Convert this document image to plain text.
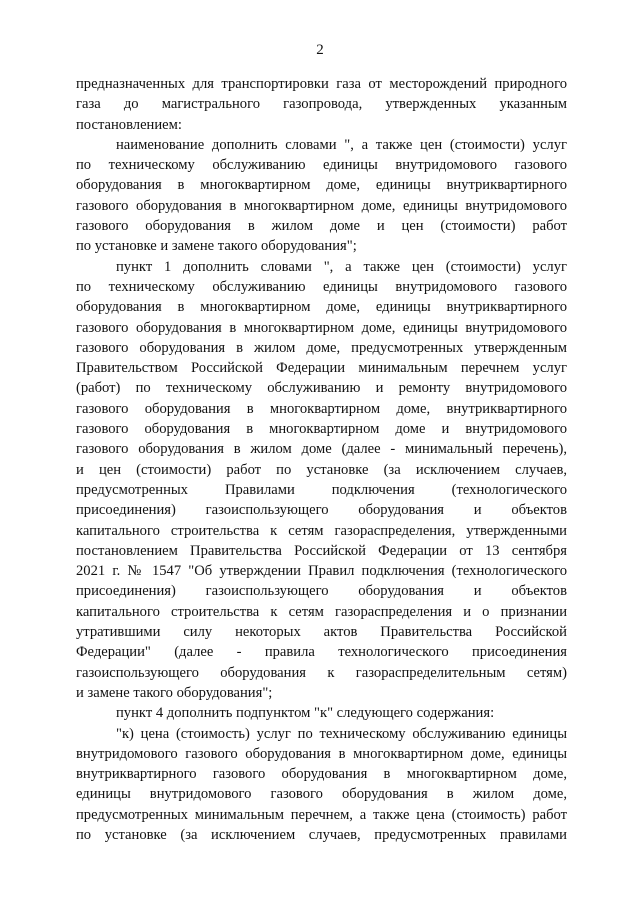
2
предназначенных для транспортировки газа от месторождений природного
газа до магистрального газопровода, утвержденных указанным
постановлением:
наименование дополнить словами ", а также цен (стоимости) услуг
по техническому обслуживанию единицы внутридомового газового
оборудования в многоквартирном доме, единицы внутриквартирного
газового оборудования в многоквартирном доме, единицы внутридомового
газового оборудования в жилом доме и цен (стоимости) работ
по установке и замене такого оборудования";
пункт 1 дополнить словами ", а также цен (стоимости) услуг
по техническому обслуживанию единицы внутридомового газового
оборудования в многоквартирном доме, единицы внутриквартирного
газового оборудования в многоквартирном доме, единицы внутридомового
газового оборудования в жилом доме, предусмотренных утвержденным
Правительством Российской Федерации минимальным перечнем услуг
(работ) по техническому обслуживанию и ремонту внутридомового
газового оборудования в многоквартирном доме, внутриквартирного
газового оборудования в многоквартирном доме и внутридомового
газового оборудования в жилом доме (далее - минимальный перечень),
и цен (стоимости) работ по установке (за исключением случаев,
предусмотренных Правилами подключения (технологического
присоединения) газоиспользующего оборудования и объектов
капитального строительства к сетям газораспределения, утвержденными
постановлением Правительства Российской Федерации от 13 сентября
2021 г. № 1547 "Об утверждении Правил подключения (технологического
присоединения) газоиспользующего оборудования и объектов
капитального строительства к сетям газораспределения и о признании
утратившими силу некоторых актов Правительства Российской
Федерации" (далее - правила технологического присоединения
газоиспользующего оборудования к газораспределительным сетям)
и замене такого оборудования";
пункт 4 дополнить подпунктом "к" следующего содержания:
"к) цена (стоимость) услуг по техническому обслуживанию единицы
внутридомового газового оборудования в многоквартирном доме, единицы
внутриквартирного газового оборудования в многоквартирном доме,
единицы внутридомового газового оборудования в жилом доме,
предусмотренных минимальным перечнем, а также цена (стоимость) работ
по установке (за исключением случаев, предусмотренных правилами
